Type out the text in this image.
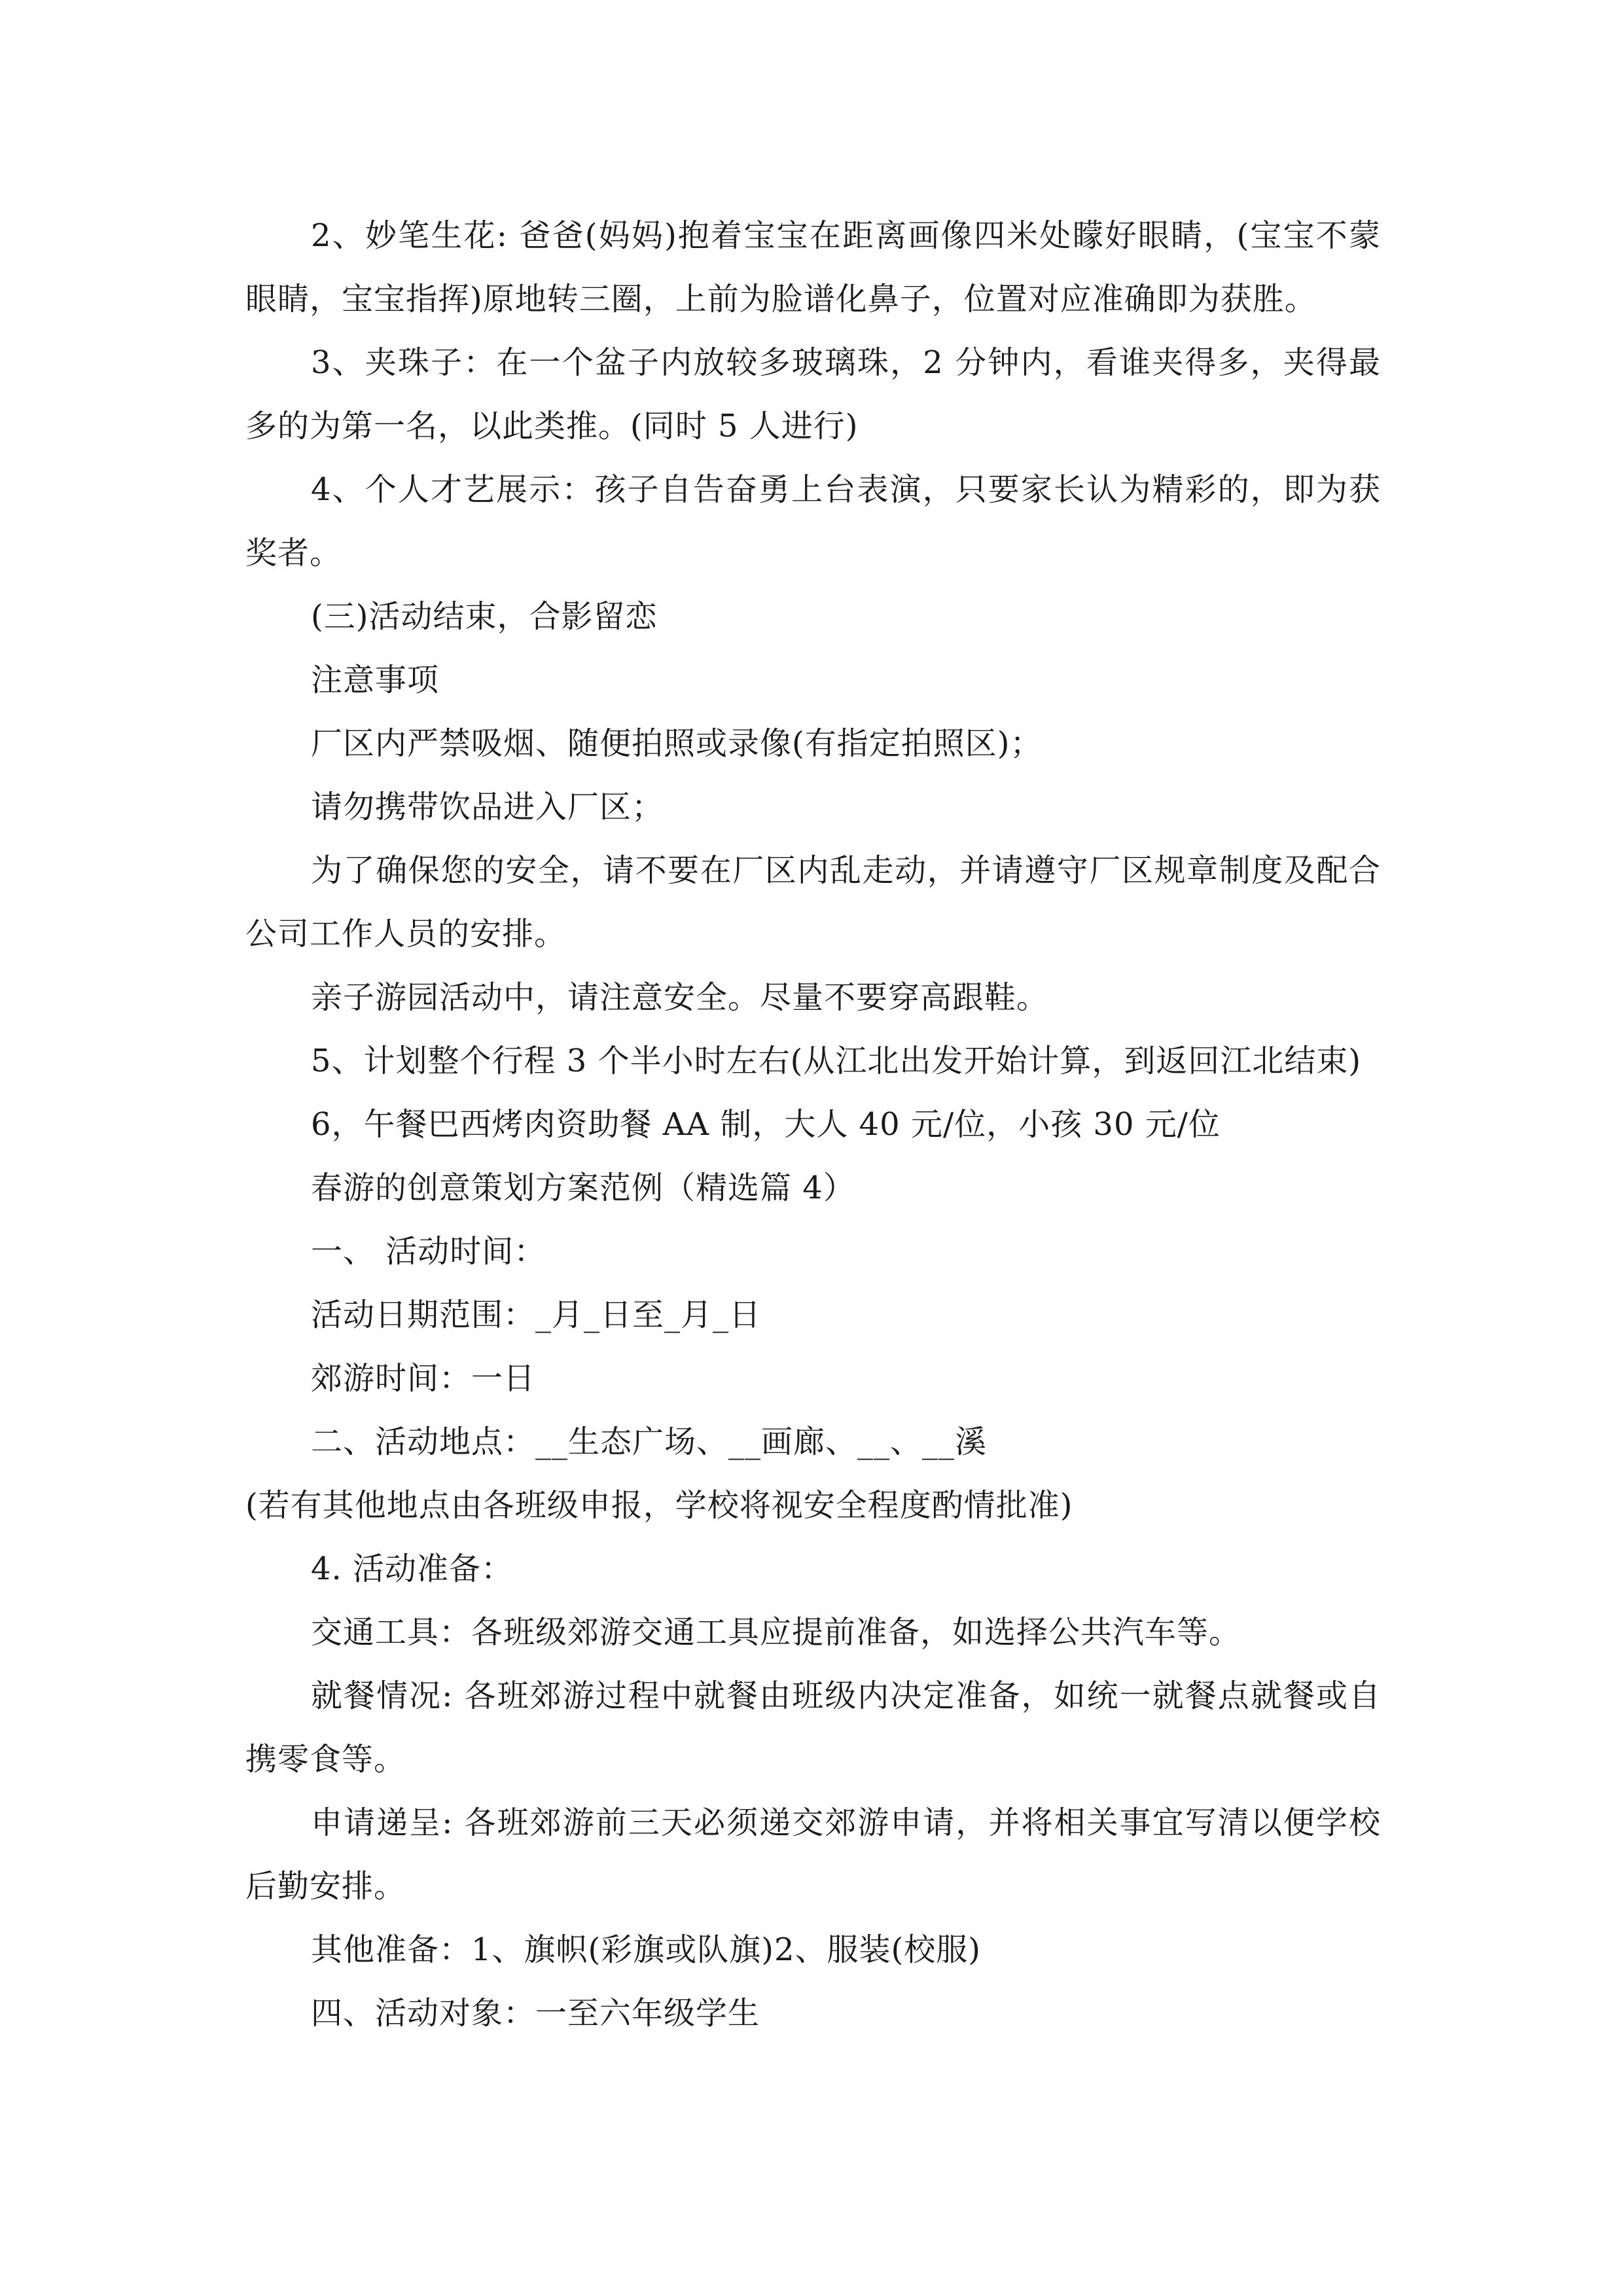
2、妙笔生花: 爸爸(妈妈)抱着宝宝在距离画像四米处矇好眼睛，(宝宝不蒙眼睛，宝宝指挥)原地转三圈，上前为脸谱化鼻子，位置对应准确即为获胜。

3、夹珠子：在一个盆子内放较多玻璃珠，2 分钟内，看谁夹得多，夹得最多的为第一名，以此类推。(同时 5 人进行)

4、个人才艺展示：孩子自告奋勇上台表演，只要家长认为精彩的，即为获奖者。

(三)活动结束，合影留恋

注意事项

厂区内严禁吸烟、随便拍照或录像(有指定拍照区)；

请勿携带饮品进入厂区；

为了确保您的安全，请不要在厂区内乱走动，并请遵守厂区规章制度及配合公司工作人员的安排。

亲子游园活动中，请注意安全。尽量不要穿高跟鞋。

5、计划整个行程 3 个半小时左右(从江北出发开始计算，到返回江北结束)

6，午餐巴西烤肉资助餐 AA 制，大人 40 元/位，小孩 30 元/位

春游的创意策划方案范例（精选篇 4）

一、 活动时间：

活动日期范围：_月_日至_月_日

郊游时间：一日

二、活动地点：__生态广场、__画廊、__、__溪

(若有其他地点由各班级申报，学校将视安全程度酌情批准)

4. 活动准备：

交通工具：各班级郊游交通工具应提前准备，如选择公共汽车等。

就餐情况: 各班郊游过程中就餐由班级内决定准备，如统一就餐点就餐或自携零食等。

申请递呈: 各班郊游前三天必须递交郊游申请，并将相关事宜写清以便学校后勤安排。

其他准备：1、旗帜(彩旗或队旗)2、服装(校服)

四、活动对象：一至六年级学生
